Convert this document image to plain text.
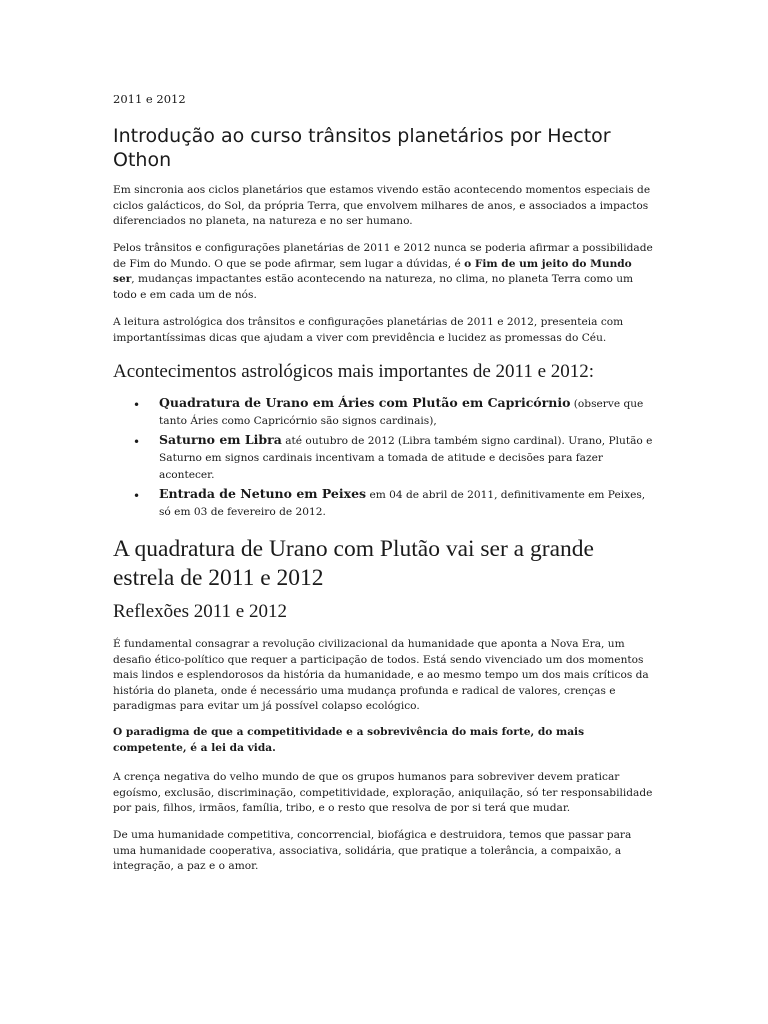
2011 e 2012
Introdução ao curso trânsitos planetários por Hector Othon

Em sincronia aos ciclos planetários que estamos vivendo estão acontecendo momentos especiais de ciclos galácticos, do Sol, da própria Terra, que envolvem milhares de anos, e associados a impactos diferenciados no planeta, na natureza e no ser humano.

Pelos trânsitos e configurações planetárias de 2011 e 2012 nunca se poderia afirmar a possibilidade de Fim do Mundo. O que se pode afirmar, sem lugar a dúvidas, é o Fim de um jeito do Mundo ser, mudanças impactantes estão acontecendo na natureza, no clima, no planeta Terra como um todo e em cada um de nós.

A leitura astrológica dos trânsitos e configurações planetárias de 2011 e 2012, presenteia com importantíssimas dicas que ajudam a viver com previdência e lucidez as promessas do Céu.

Acontecimentos astrológicos mais importantes de 2011 e 2012:
• Quadratura de Urano em Áries com Plutão em Capricórnio (observe que tanto Áries como Capricórnio são signos cardinais),
• Saturno em Libra até outubro de 2012 (Libra também signo cardinal). Urano, Plutão e Saturno em signos cardinais incentivam a tomada de atitude e decisões para fazer acontecer.
• Entrada de Netuno em Peixes em 04 de abril de 2011, definitivamente em Peixes, só em 03 de fevereiro de 2012.
A quadratura de Urano com Plutão vai ser a grande estrela de 2011 e 2012
Reflexões 2011 e 2012

É fundamental consagrar a revolução civilizacional da humanidade que aponta a Nova Era, um desafio ético-político que requer a participação de todos. Está sendo vivenciado um dos momentos mais lindos e esplendorosos da história da humanidade, e ao mesmo tempo um dos mais críticos da história do planeta, onde é necessário uma mudança profunda e radical de valores, crenças e paradigmas para evitar um já possível colapso ecológico.

O paradigma de que a competitividade e a sobrevivência do mais forte, do mais competente, é a lei da vida.

A crença negativa do velho mundo de que os grupos humanos para sobreviver devem praticar egoísmo, exclusão, discriminação, competitividade, exploração, aniquilação, só ter responsabilidade por pais, filhos, irmãos, família, tribo, e o resto que resolva de por si terá que mudar.

De uma humanidade competitiva, concorrencial, biofágica e destruidora, temos que passar para uma humanidade cooperativa, associativa, solidária, que pratique a tolerância, a compaixão, a integração, a paz e o amor.
